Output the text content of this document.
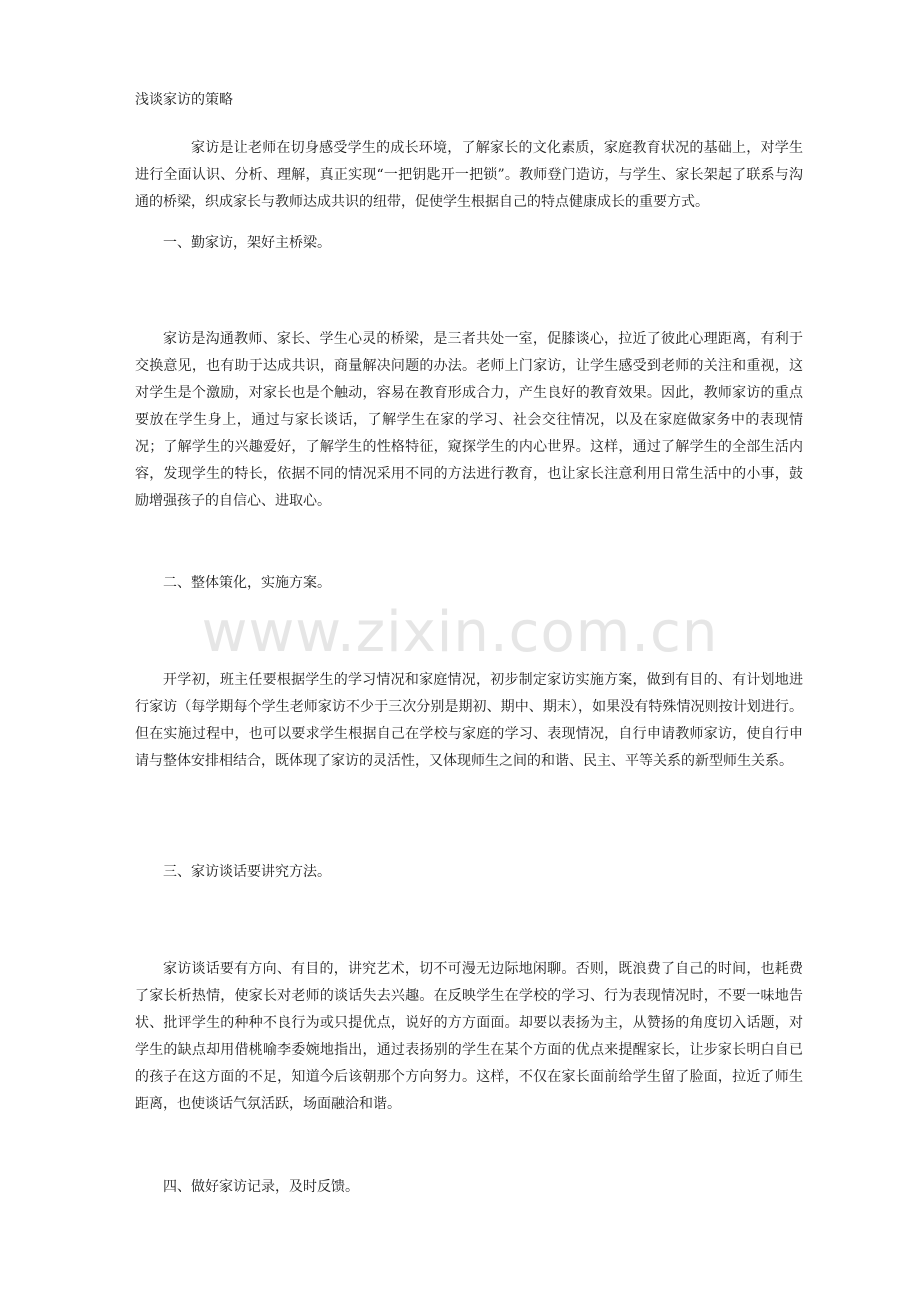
浅谈家访的策略

家访是让老师在切身感受学生的成长环境，了解家长的文化素质，家庭教育状况的基础上，对学生进行全面认识、分析、理解，真正实现“一把钥匙开一把锁”。教师登门造访，与学生、家长架起了联系与沟通的桥梁，织成家长与教师达成共识的纽带，促使学生根据自己的特点健康成长的重要方式。

一、勤家访，架好主桥梁。

家访是沟通教师、家长、学生心灵的桥梁，是三者共处一室，促膝谈心，拉近了彼此心理距离，有利于交换意见，也有助于达成共识，商量解决问题的办法。老师上门家访，让学生感受到老师的关注和重视，这对学生是个激励，对家长也是个触动，容易在教育形成合力，产生良好的教育效果。因此，教师家访的重点要放在学生身上，通过与家长谈话，了解学生在家的学习、社会交往情况，以及在家庭做家务中的表现情况；了解学生的兴趣爱好，了解学生的性格特征，窥探学生的内心世界。这样，通过了解学生的全部生活内容，发现学生的特长，依据不同的情况采用不同的方法进行教育，也让家长注意利用日常生活中的小事，鼓励增强孩子的自信心、进取心。

二、整体策化，实施方案。
www.zixin.com.cn

开学初，班主任要根据学生的学习情况和家庭情况，初步制定家访实施方案，做到有目的、有计划地进行家访（每学期每个学生老师家访不少于三次分别是期初、期中、期末），如果没有特殊情况则按计划进行。但在实施过程中，也可以要求学生根据自己在学校与家庭的学习、表现情况，自行申请教师家访，使自行申请与整体安排相结合，既体现了家访的灵活性，又体现师生之间的和谐、民主、平等关系的新型师生关系。

三、家访谈话要讲究方法。

家访谈话要有方向、有目的，讲究艺术，切不可漫无边际地闲聊。否则，既浪费了自己的时间，也耗费了家长析热情，使家长对老师的谈话失去兴趣。在反映学生在学校的学习、行为表现情况时，不要一味地告状、批评学生的种种不良行为或只提优点，说好的方方面面。却要以表扬为主，从赞扬的角度切入话题，对学生的缺点却用借桃喻李委婉地指出，通过表扬别的学生在某个方面的优点来提醒家长，让步家长明白自已的孩子在这方面的不足，知道今后该朝那个方向努力。这样，不仅在家长面前给学生留了脸面，拉近了师生距离，也使谈话气氛活跃，场面融洽和谐。

四、做好家访记录，及时反馈。
